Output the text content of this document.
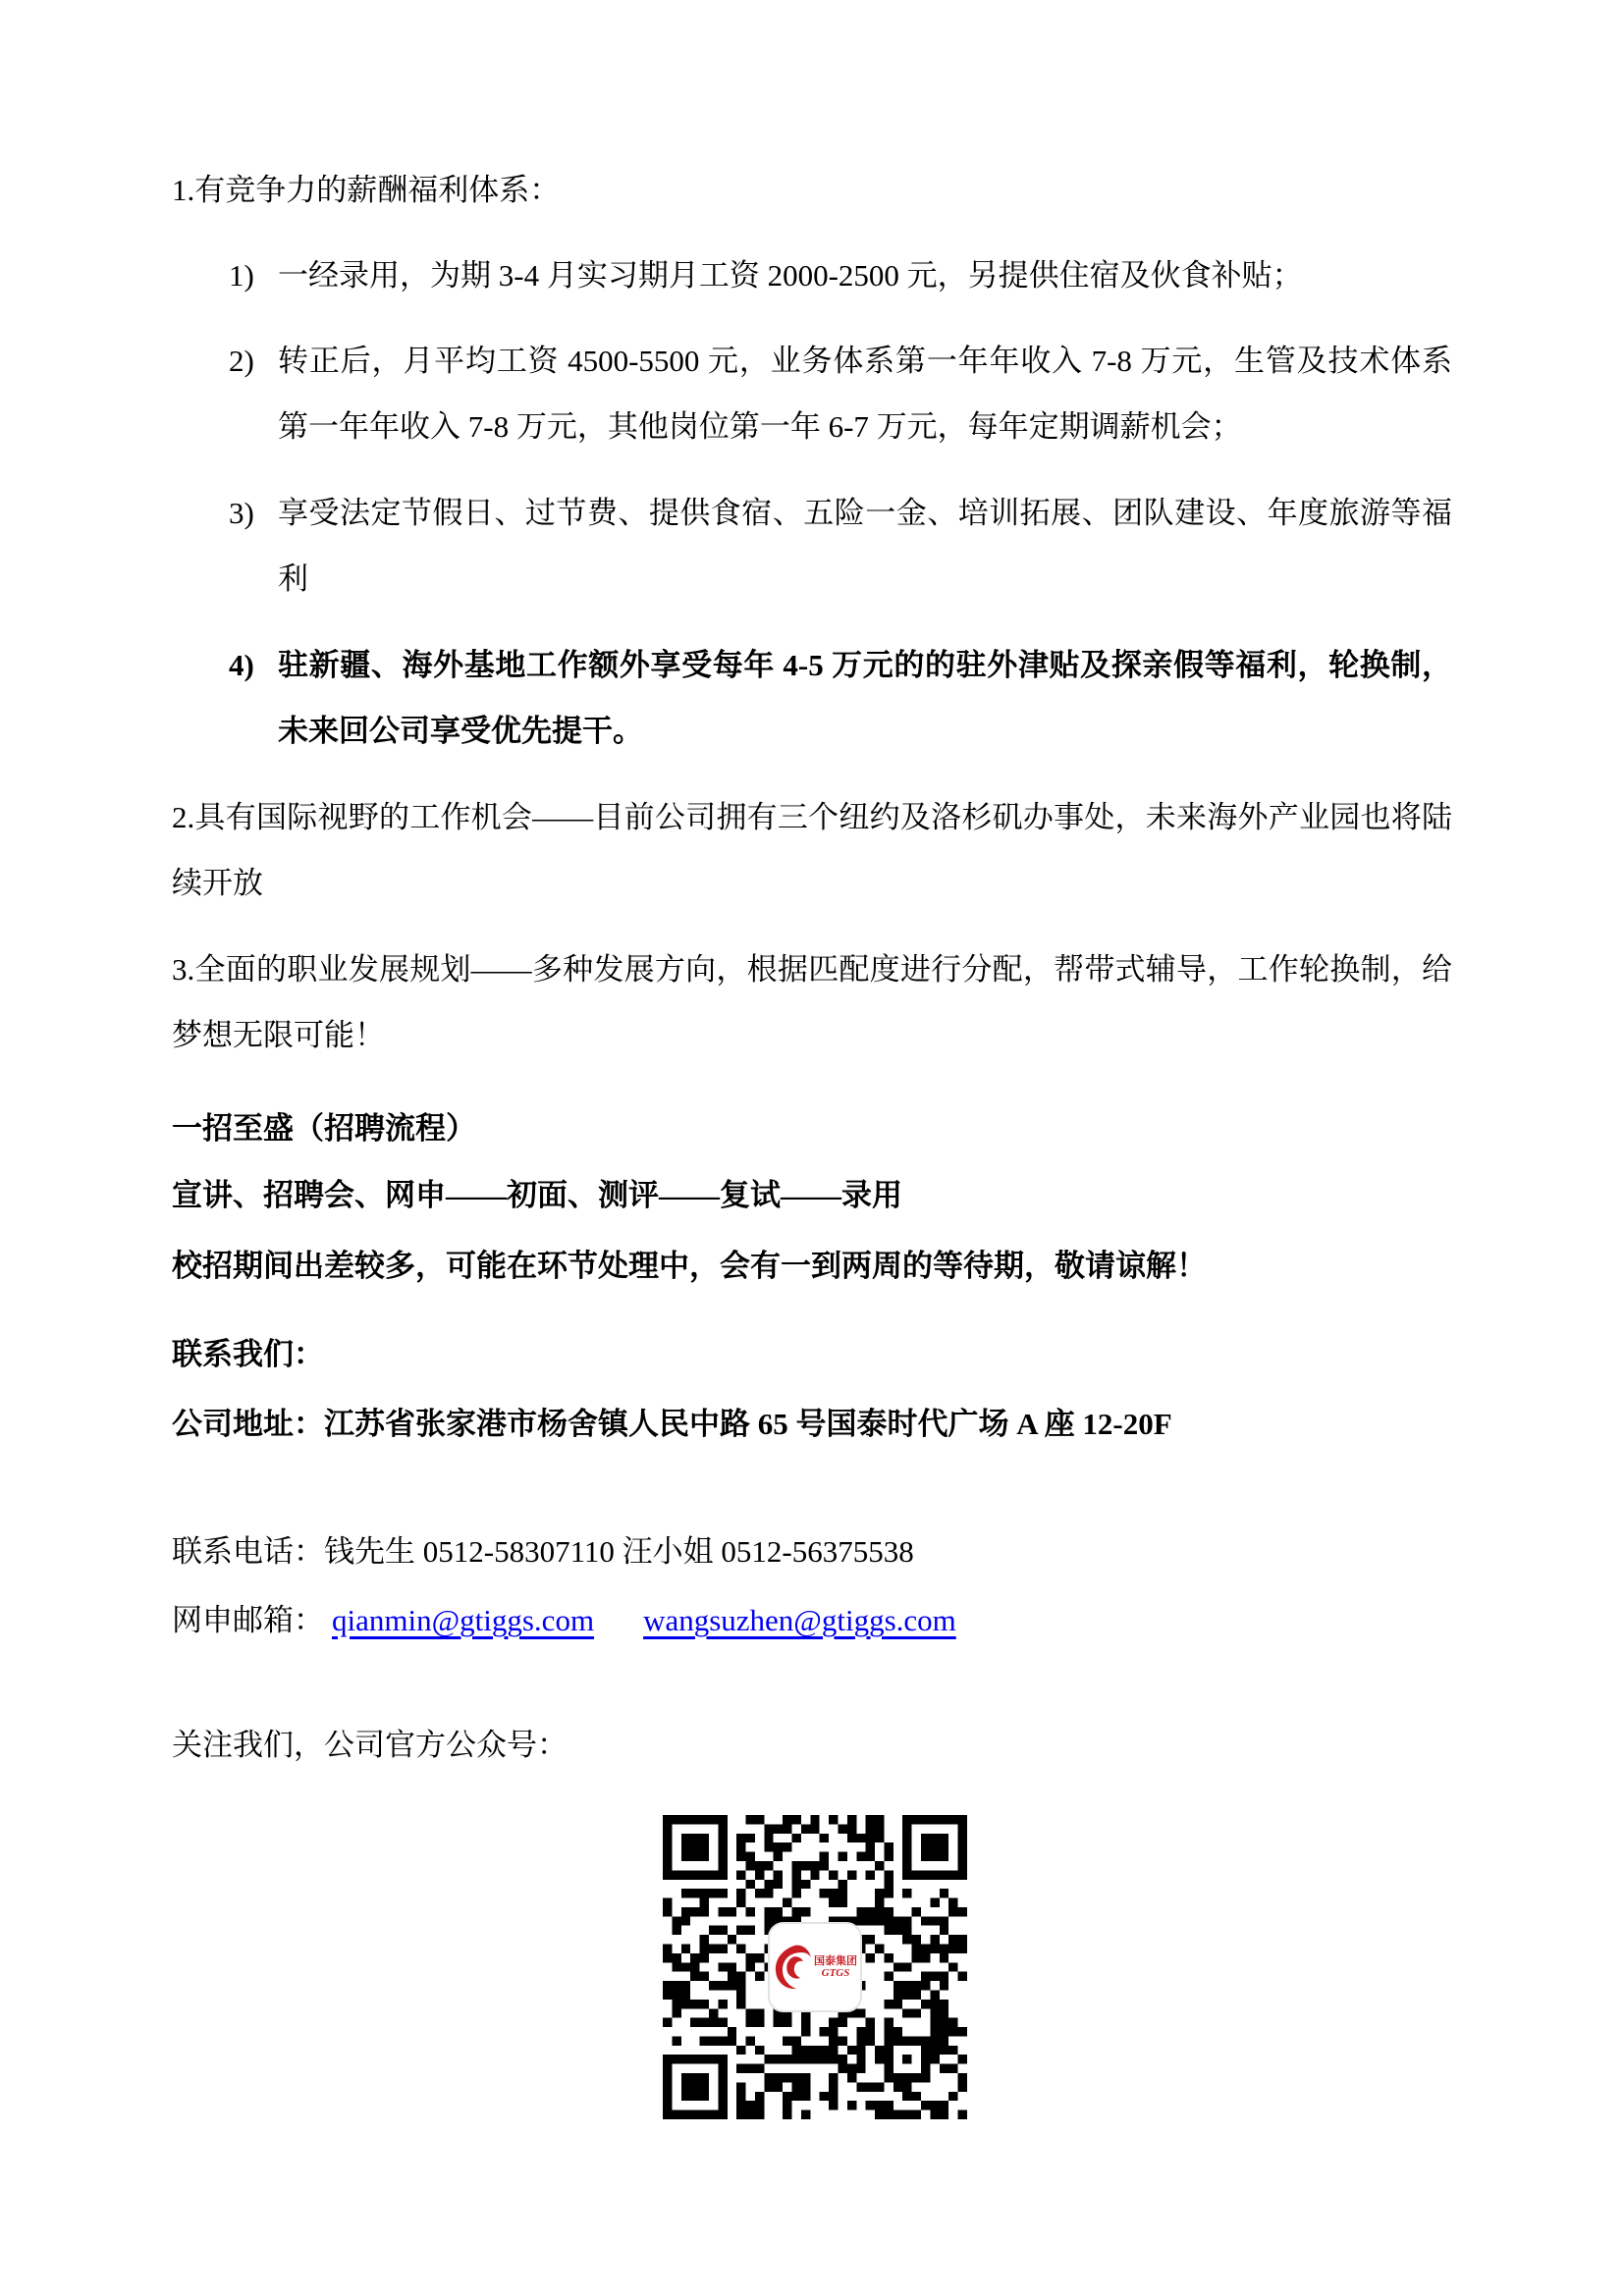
1.有竞争力的薪酬福利体系：

1) 一经录用，为期 3-4 月实习期月工资 2000-2500 元，另提供住宿及伙食补贴；
2) 转正后，月平均工资 4500-5500 元，业务体系第一年年收入 7-8 万元，生管及技术体系第一年年收入 7-8 万元，其他岗位第一年 6-7 万元，每年定期调薪机会；
3) 享受法定节假日、过节费、提供食宿、五险一金、培训拓展、团队建设、年度旅游等福利
4) 驻新疆、海外基地工作额外享受每年 4-5 万元的的驻外津贴及探亲假等福利，轮换制，未来回公司享受优先提干。

2.具有国际视野的工作机会——目前公司拥有三个纽约及洛杉矶办事处，未来海外产业园也将陆续开放

3.全面的职业发展规划——多种发展方向，根据匹配度进行分配，帮带式辅导，工作轮换制，给梦想无限可能！

一招至盛（招聘流程）

宣讲、招聘会、网申——初面、测评——复试——录用

校招期间出差较多，可能在环节处理中，会有一到两周的等待期，敬请谅解！

联系我们：

公司地址：江苏省张家港市杨舍镇人民中路 65 号国泰时代广场 A 座 12-20F

联系电话：钱先生 0512-58307110 汪小姐 0512-56375538

网申邮箱： qianmin@gtiggs.com wangsuzhen@gtiggs.com

关注我们，公司官方公众号：

国泰集团
GTGS
